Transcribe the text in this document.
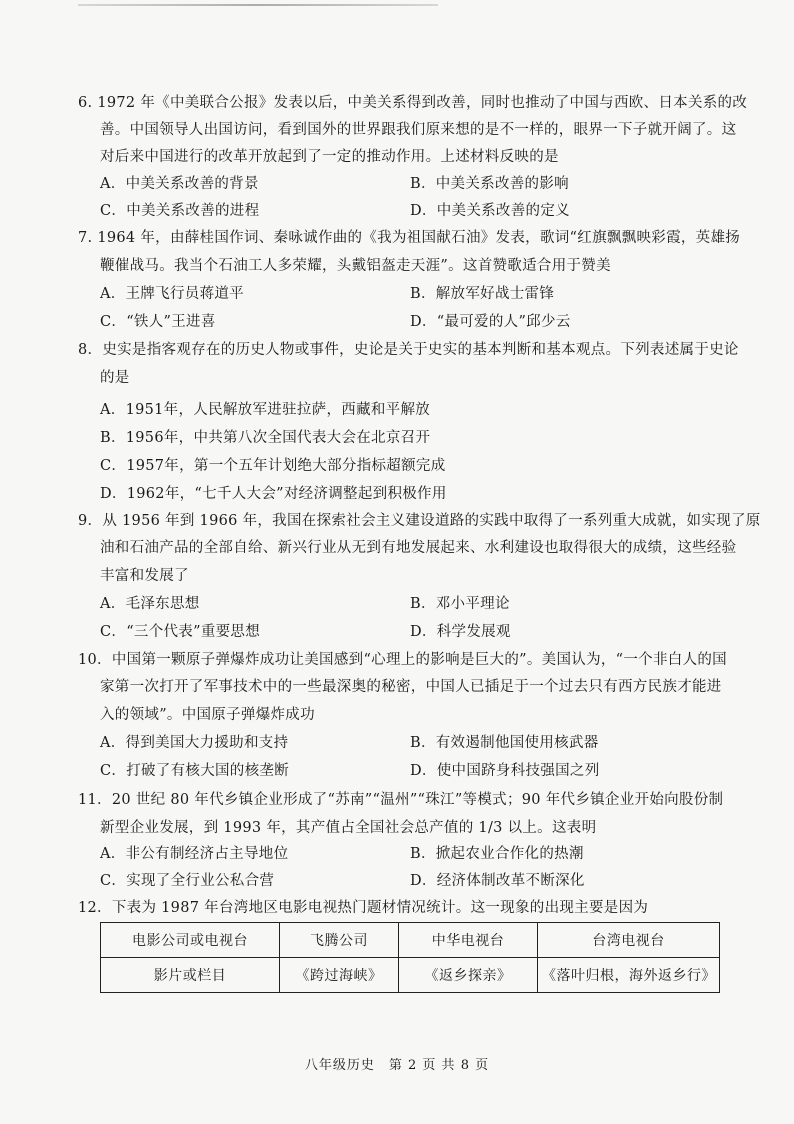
6. 1972 年《中美联合公报》发表以后，中美关系得到改善，同时也推动了中国与西欧、日本关系的改
善。中国领导人出国访问，看到国外的世界跟我们原来想的是不一样的，眼界一下子就开阔了。这
对后来中国进行的改革开放起到了一定的推动作用。上述材料反映的是
A．中美关系改善的背景	B．中美关系改善的影响
C．中美关系改善的进程	D．中美关系改善的定义
7. 1964 年，由薛桂国作词、秦咏诚作曲的《我为祖国献石油》发表，歌词“红旗飘飘映彩霞，英雄扬
鞭催战马。我当个石油工人多荣耀，头戴铝盔走天涯”。这首赞歌适合用于赞美
A．王牌飞行员蒋道平	B．解放军好战士雷锋
C．“铁人”王进喜	D．“最可爱的人”邱少云
8．史实是指客观存在的历史人物或事件，史论是关于史实的基本判断和基本观点。下列表述属于史论
的是
A．1951年，人民解放军进驻拉萨，西藏和平解放
B．1956年，中共第八次全国代表大会在北京召开
C．1957年，第一个五年计划绝大部分指标超额完成
D．1962年，“七千人大会”对经济调整起到积极作用
9．从 1956 年到 1966 年，我国在探索社会主义建设道路的实践中取得了一系列重大成就，如实现了原
油和石油产品的全部自给、新兴行业从无到有地发展起来、水利建设也取得很大的成绩，这些经验
丰富和发展了
A．毛泽东思想	B．邓小平理论
C．“三个代表”重要思想	D．科学发展观
10．中国第一颗原子弹爆炸成功让美国感到“心理上的影响是巨大的”。美国认为，“一个非白人的国
家第一次打开了军事技术中的一些最深奥的秘密，中国人已插足于一个过去只有西方民族才能进
入的领域”。中国原子弹爆炸成功
A．得到美国大力援助和支持	B．有效遏制他国使用核武器
C．打破了有核大国的核垄断	D．使中国跻身科技强国之列
11．20 世纪 80 年代乡镇企业形成了“苏南”“温州”“珠江”等模式；90 年代乡镇企业开始向股份制
新型企业发展，到 1993 年，其产值占全国社会总产值的 1/3 以上。这表明
A．非公有制经济占主导地位	B．掀起农业合作化的热潮
C．实现了全行业公私合营	D．经济体制改革不断深化
12．下表为 1987 年台湾地区电影电视热门题材情况统计。这一现象的出现主要是因为
电影公司或电视台	飞腾公司	中华电视台	台湾电视台
影片或栏目	《跨过海峡》	《返乡探亲》	《落叶归根，海外返乡行》
八年级历史　第 2 页 共 8 页
